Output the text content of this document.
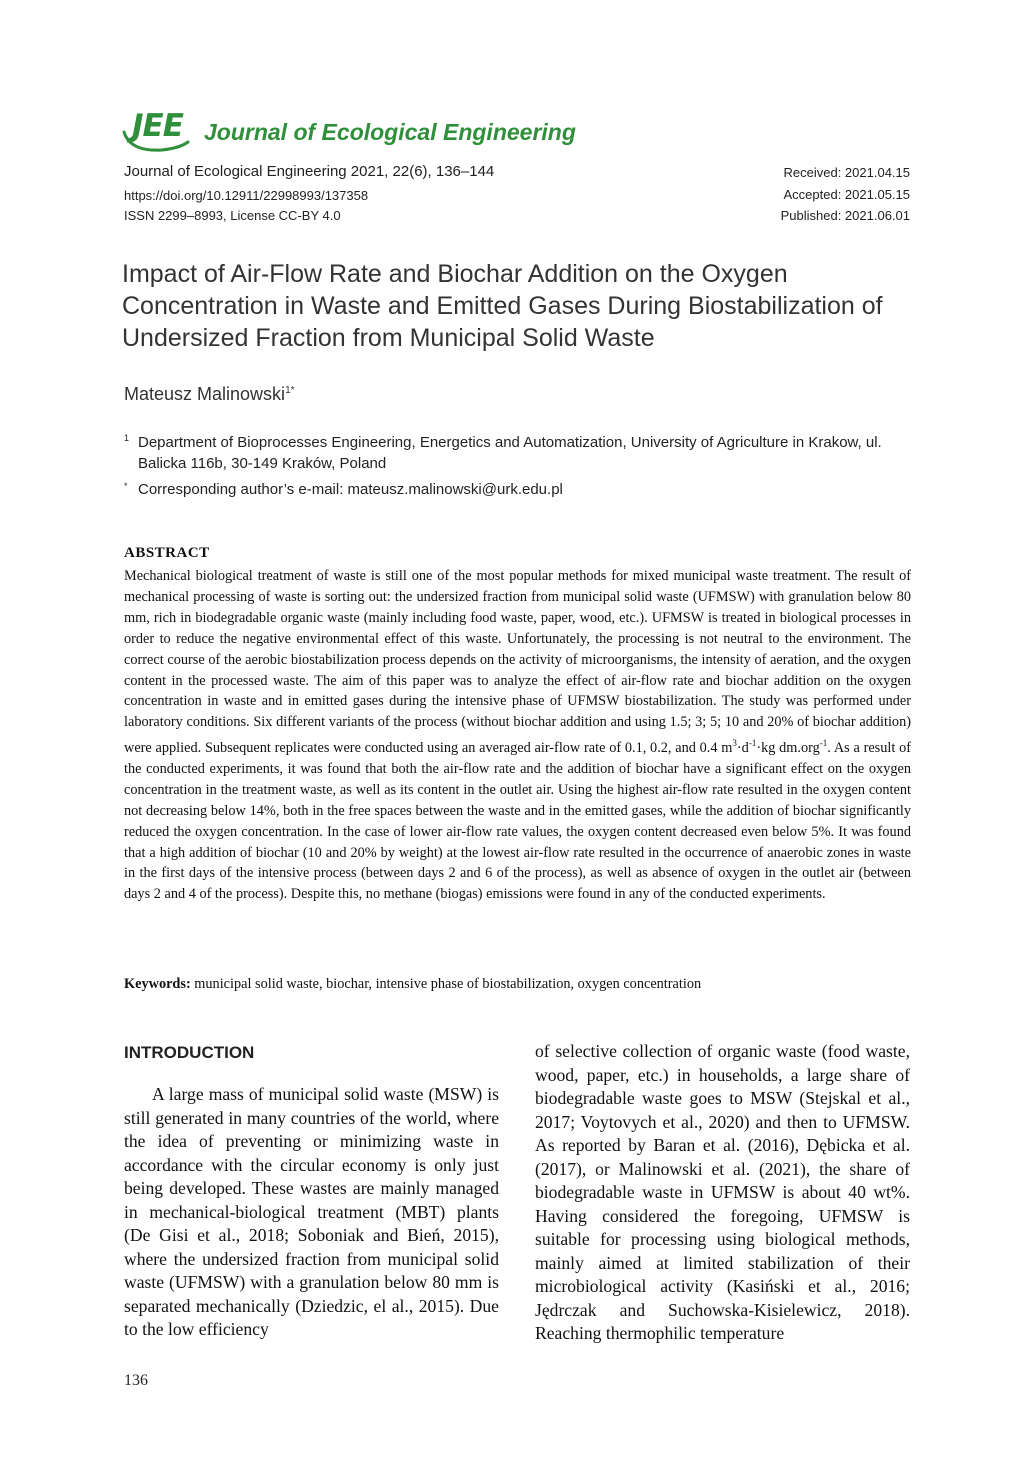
JEE Journal of Ecological Engineering
Journal of Ecological Engineering 2021, 22(6), 136–144
https://doi.org/10.12911/22998993/137358
ISSN 2299–8993, License CC-BY 4.0
Received: 2021.04.15
Accepted: 2021.05.15
Published: 2021.06.01
Impact of Air-Flow Rate and Biochar Addition on the Oxygen Concentration in Waste and Emitted Gases During Biostabilization of Undersized Fraction from Municipal Solid Waste
Mateusz Malinowski$^{1*}$
1 Department of Bioprocesses Engineering, Energetics and Automatization, University of Agriculture in Krakow, ul. Balicka 116b, 30-149 Kraków, Poland
* Corresponding author’s e-mail: mateusz.malinowski@urk.edu.pl
ABSTRACT

Mechanical biological treatment of waste is still one of the most popular methods for mixed municipal waste treatment. The result of mechanical processing of waste is sorting out: the undersized fraction from municipal solid waste (UFMSW) with granulation below 80 mm, rich in biodegradable organic waste (mainly including food waste, paper, wood, etc.). UFMSW is treated in biological processes in order to reduce the negative environmental effect of this waste. Unfortunately, the processing is not neutral to the environment. The correct course of the aerobic biostabilization process depends on the activity of microorganisms, the intensity of aeration, and the oxygen content in the processed waste. The aim of this paper was to analyze the effect of air-flow rate and biochar addition on the oxygen concentration in waste and in emitted gases during the intensive phase of UFMSW biostabilization. The study was performed under laboratory conditions. Six different variants of the process (without biochar addition and using 1.5; 3; 5; 10 and 20% of biochar addition) were applied. Subsequent replicates were conducted using an averaged air-flow rate of 0.1, 0.2, and 0.4 $m^3\cdot d^{-1}\cdot kg$ dm.org$^{-1}$. As a result of the conducted experiments, it was found that both the air-flow rate and the addition of biochar have a significant effect on the oxygen concentration in the treatment waste, as well as its content in the outlet air. Using the highest air-flow rate resulted in the oxygen content not decreasing below 14%, both in the free spaces between the waste and in the emitted gases, while the addition of biochar significantly reduced the oxygen concentration. In the case of lower air-flow rate values, the oxygen content decreased even below 5%. It was found that a high addition of biochar (10 and 20% by weight) at the lowest air-flow rate resulted in the occurrence of anaerobic zones in waste in the first days of the intensive process (between days 2 and 6 of the process), as well as absence of oxygen in the outlet air (between days 2 and 4 of the process). Despite this, no methane (biogas) emissions were found in any of the conducted experiments.

Keywords: municipal solid waste, biochar, intensive phase of biostabilization, oxygen concentration
INTRODUCTION

A large mass of municipal solid waste (MSW) is still generated in many countries of the world, where the idea of preventing or minimizing waste in accordance with the circular economy is only just being developed. These wastes are mainly managed in mechanical-biological treatment (MBT) plants (De Gisi et al., 2018; Soboniak and Bień, 2015), where the undersized fraction from municipal solid waste (UFMSW) with a granulation below 80 mm is separated mechanically (Dziedzic, el al., 2015). Due to the low efficiency

of selective collection of organic waste (food waste, wood, paper, etc.) in households, a large share of biodegradable waste goes to MSW (Stejskal et al., 2017; Voytovych et al., 2020) and then to UFMSW. As reported by Baran et al. (2016), Dębicka et al. (2017), or Malinowski et al. (2021), the share of biodegradable waste in UFMSW is about 40 wt%. Having considered the foregoing, UFMSW is suitable for processing using biological methods, mainly aimed at limited stabilization of their microbiological activity (Kasiński et al., 2016; Jędrczak and Suchowska-Kisielewicz, 2018). Reaching thermophilic temperature

136
